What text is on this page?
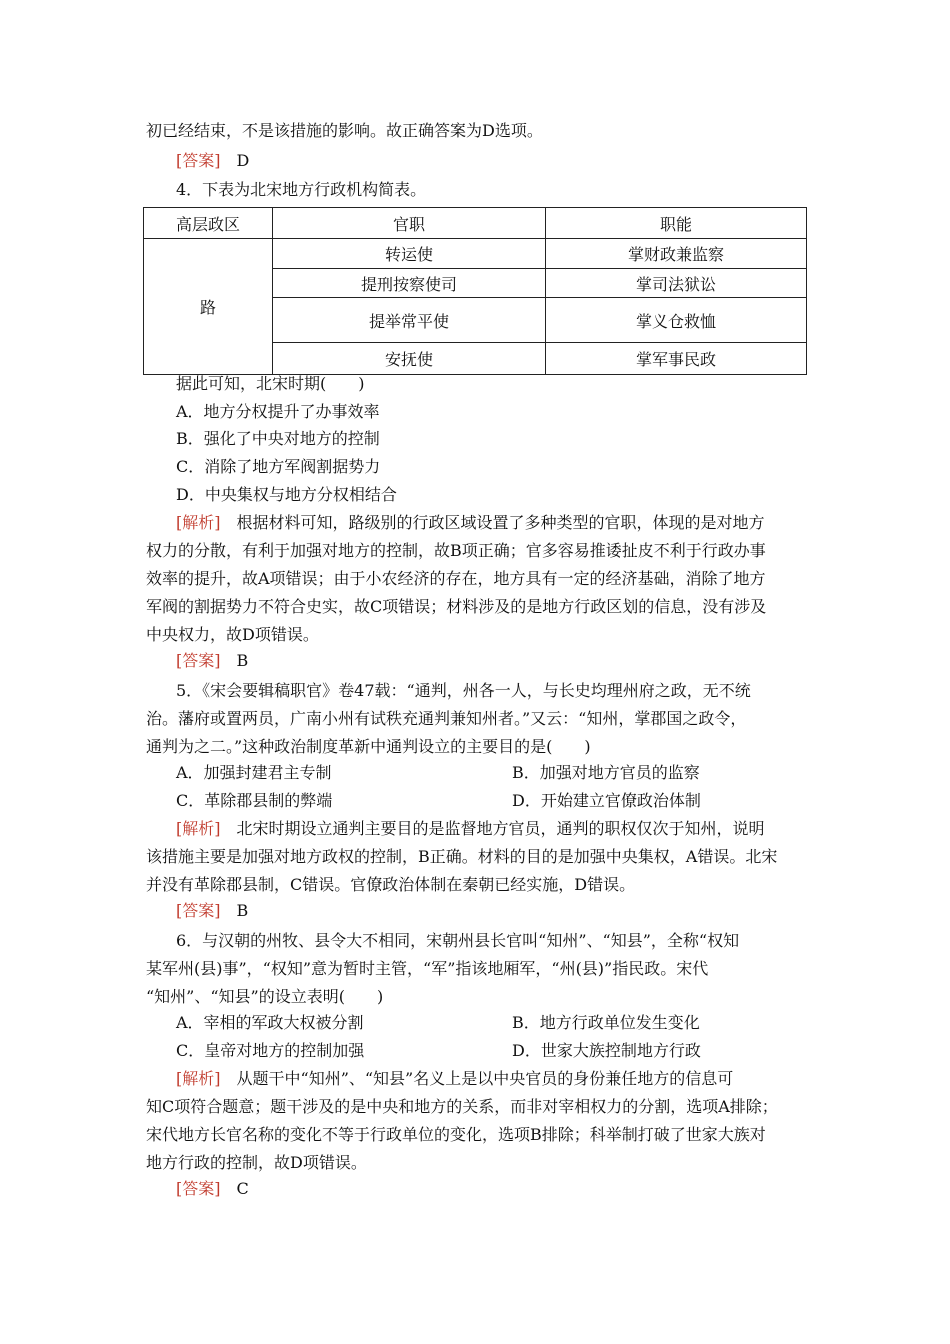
初已经结束，不是该措施的影响。故正确答案为D选项。
[答案] D
4．下表为北宋地方行政机构简表。
高层政区	官职	职能
路	转运使	掌财政兼监察
	提刑按察使司	掌司法狱讼
	提举常平使	掌义仓救恤
	安抚使	掌军事民政
据此可知，北宋时期(　　)
A．地方分权提升了办事效率
B．强化了中央对地方的控制
C．消除了地方军阀割据势力
D．中央集权与地方分权相结合
[解析]　 根据材料可知，路级别的行政区域设置了多种类型的官职，体现的是对地方
权力的分散，有利于加强对地方的控制，故B项正确；官多容易推诿扯皮不利于行政办事
效率的提升，故A项错误；由于小农经济的存在，地方具有一定的经济基础，消除了地方
军阀的割据势力不符合史实，故C项错误；材料涉及的是地方行政区划的信息，没有涉及
中央权力，故D项错误。
[答案] B
5．《宋会要辑稿职官》卷47载：“通判，州各一人，与长史均理州府之政，无不统
治。藩府或置两员，广南小州有试秩充通判兼知州者。”又云：“知州，掌郡国之政令，
通判为之二。”这种政治制度革新中通判设立的主要目的是(　　)
A．加强封建君主专制	B．加强对地方官员的监察
C．革除郡县制的弊端	D．开始建立官僚政治体制
[解析]　 北宋时期设立通判主要目的是监督地方官员，通判的职权仅次于知州，说明
该措施主要是加强对地方政权的控制，B正确。材料的目的是加强中央集权，A错误。北宋
并没有革除郡县制，C错误。官僚政治体制在秦朝已经实施，D错误。
[答案] B
6．与汉朝的州牧、县令大不相同，宋朝州县长官叫“知州”、“知县”，全称“权知
某军州(县)事”，“权知”意为暂时主管，“军”指该地厢军，“州(县)”指民政。宋代
“知州”、“知县”的设立表明(　　)
A．宰相的军政大权被分割	B．地方行政单位发生变化
C．皇帝对地方的控制加强	D．世家大族控制地方行政
[解析]　 从题干中“知州”、“知县”名义上是以中央官员的身份兼任地方的信息可
知C项符合题意；题干涉及的是中央和地方的关系，而非对宰相权力的分割，选项A排除；
宋代地方长官名称的变化不等于行政单位的变化，选项B排除；科举制打破了世家大族对
地方行政的控制，故D项错误。
[答案] C
